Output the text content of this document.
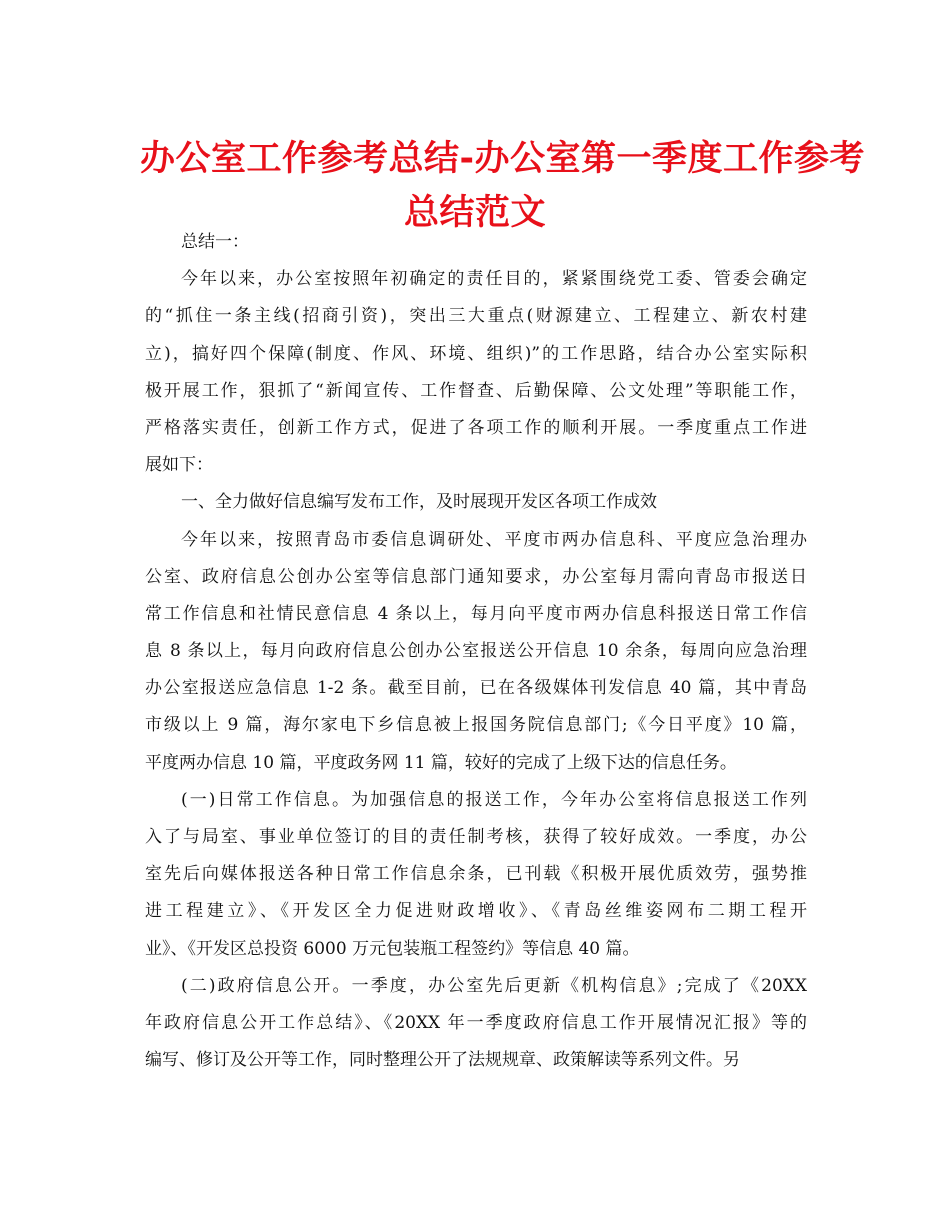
办公室工作参考总结-办公室第一季度工作参考
总结范文
总结一：
今年以来，办公室按照年初确定的责任目的，紧紧围绕党工委、管委会确定
的“抓住一条主线(招商引资)，突出三大重点(财源建立、工程建立、新农村建
立)，搞好四个保障(制度、作风、环境、组织)”的工作思路，结合办公室实际积
极开展工作，狠抓了“新闻宣传、工作督查、后勤保障、公文处理”等职能工作，
严格落实责任，创新工作方式，促进了各项工作的顺利开展。一季度重点工作进
展如下：
一、全力做好信息编写发布工作，及时展现开发区各项工作成效
今年以来，按照青岛市委信息调研处、平度市两办信息科、平度应急治理办
公室、政府信息公创办公室等信息部门通知要求，办公室每月需向青岛市报送日
常工作信息和社情民意信息 4 条以上，每月向平度市两办信息科报送日常工作信
息 8 条以上，每月向政府信息公创办公室报送公开信息 10 余条，每周向应急治理
办公室报送应急信息 1-2 条。截至目前，已在各级媒体刊发信息 40 篇，其中青岛
市级以上 9 篇，海尔家电下乡信息被上报国务院信息部门;《今日平度》10 篇，
平度两办信息 10 篇，平度政务网 11 篇，较好的完成了上级下达的信息任务。
(一)日常工作信息。为加强信息的报送工作，今年办公室将信息报送工作列
入了与局室、事业单位签订的目的责任制考核，获得了较好成效。一季度，办公
室先后向媒体报送各种日常工作信息余条，已刊载《积极开展优质效劳，强势推
进工程建立》、《开发区全力促进财政增收》、《青岛丝维姿网布二期工程开
业》、《开发区总投资 6000 万元包装瓶工程签约》等信息 40 篇。
(二)政府信息公开。一季度，办公室先后更新《机构信息》;完成了《20XX
年政府信息公开工作总结》、《20XX 年一季度政府信息工作开展情况汇报》等的
编写、修订及公开等工作，同时整理公开了法规规章、政策解读等系列文件。另
